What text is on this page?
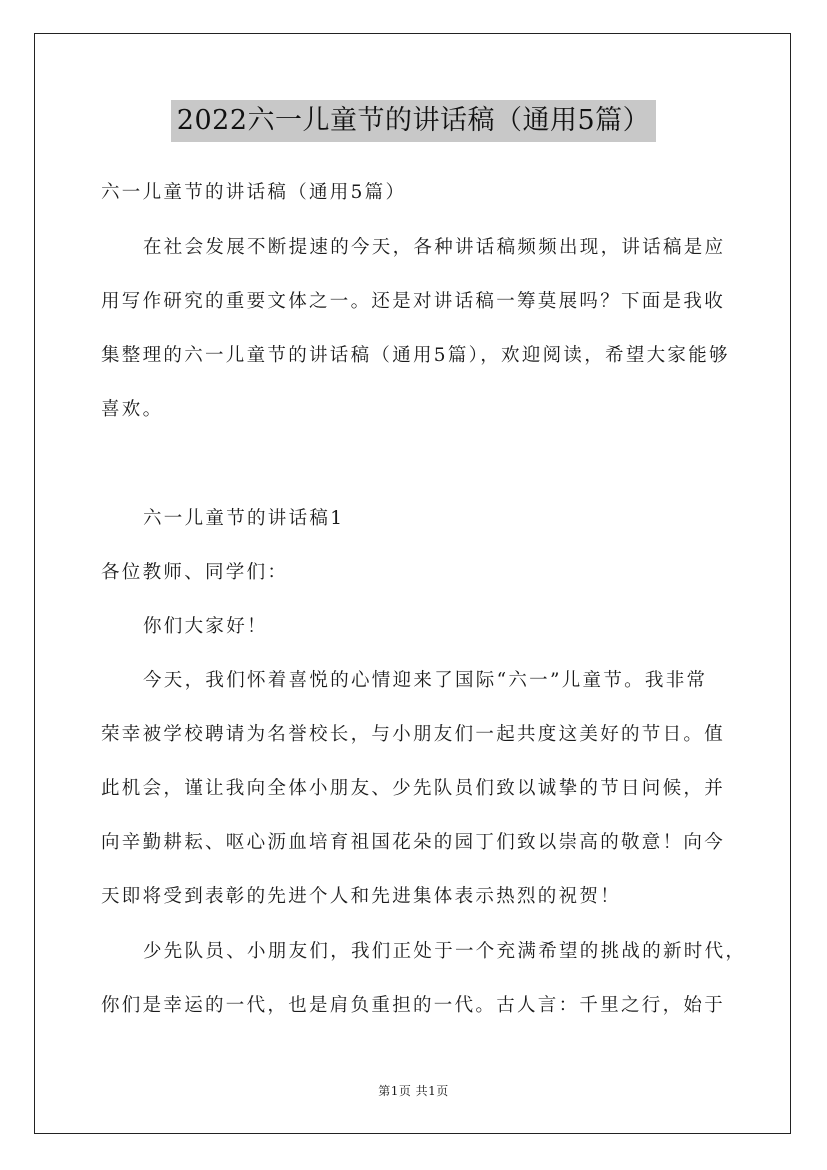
2022六一儿童节的讲话稿（通用5篇）
六一儿童节的讲话稿（通用5篇）
在社会发展不断提速的今天，各种讲话稿频频出现，讲话稿是应
用写作研究的重要文体之一。还是对讲话稿一筹莫展吗？下面是我收
集整理的六一儿童节的讲话稿（通用5篇），欢迎阅读，希望大家能够
喜欢。
六一儿童节的讲话稿1
各位教师、同学们：
你们大家好！
今天，我们怀着喜悦的心情迎来了国际“六一”儿童节。我非常
荣幸被学校聘请为名誉校长，与小朋友们一起共度这美好的节日。值
此机会，谨让我向全体小朋友、少先队员们致以诚挚的节日问候，并
向辛勤耕耘、呕心沥血培育祖国花朵的园丁们致以崇高的敬意！向今
天即将受到表彰的先进个人和先进集体表示热烈的祝贺！
少先队员、小朋友们，我们正处于一个充满希望的挑战的新时代，
你们是幸运的一代，也是肩负重担的一代。古人言：千里之行，始于
第1页 共1页
